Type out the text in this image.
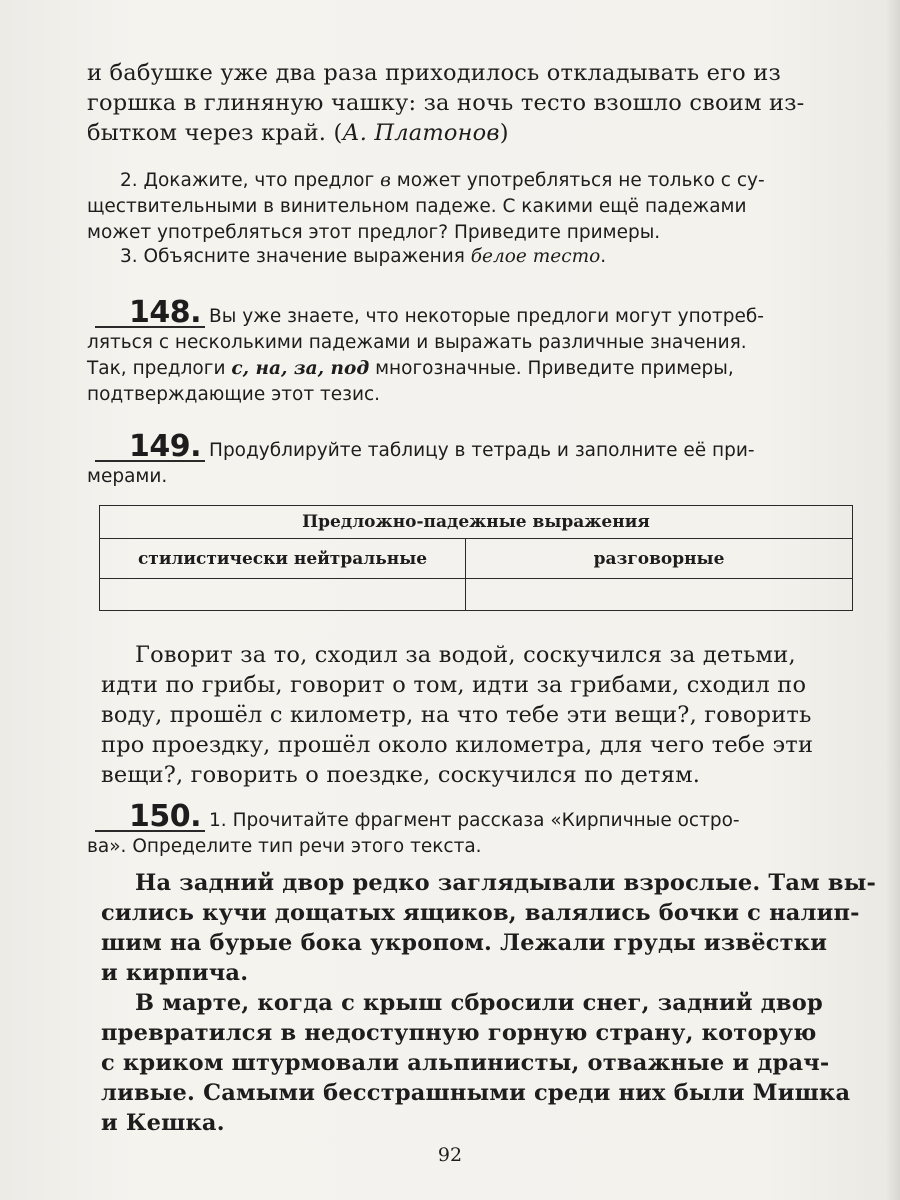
и бабушке уже два раза приходилось откладывать его из
горшка в глиняную чашку: за ночь тесто взошло своим из-
бытком через край. (А. Платонов)
2. Докажите, что предлог в может употребляться не только с су-
ществительными в винительном падеже. С какими ещё падежами
может употребляться этот предлог? Приведите примеры.
3. Объясните значение выражения белое тесто.
148. Вы уже знаете, что некоторые предлоги могут употреб-
ляться с несколькими падежами и выражать различные значения.
Так, предлоги с, на, за, под многозначные. Приведите примеры,
подтверждающие этот тезис.
149. Продублируйте таблицу в тетрадь и заполните её при-
мерами.
Предложно-падежные выражения
стилистически нейтральные	разговорные
Говорит за то, сходил за водой, соскучился за детьми,
идти по грибы, говорит о том, идти за грибами, сходил по
воду, прошёл с километр, на что тебе эти вещи?, говорить
про проездку, прошёл около километра, для чего тебе эти
вещи?, говорить о поездке, соскучился по детям.
150. 1. Прочитайте фрагмент рассказа «Кирпичные остро-
ва». Определите тип речи этого текста.
На задний двор редко заглядывали взрослые. Там вы-
сились кучи дощатых ящиков, валялись бочки с налип-
шим на бурые бока укропом. Лежали груды извёстки
и кирпича.
В марте, когда с крыш сбросили снег, задний двор
превратился в недоступную горную страну, которую
с криком штурмовали альпинисты, отважные и драч-
ливые. Самыми бесстрашными среди них были Мишка
и Кешка.
92
